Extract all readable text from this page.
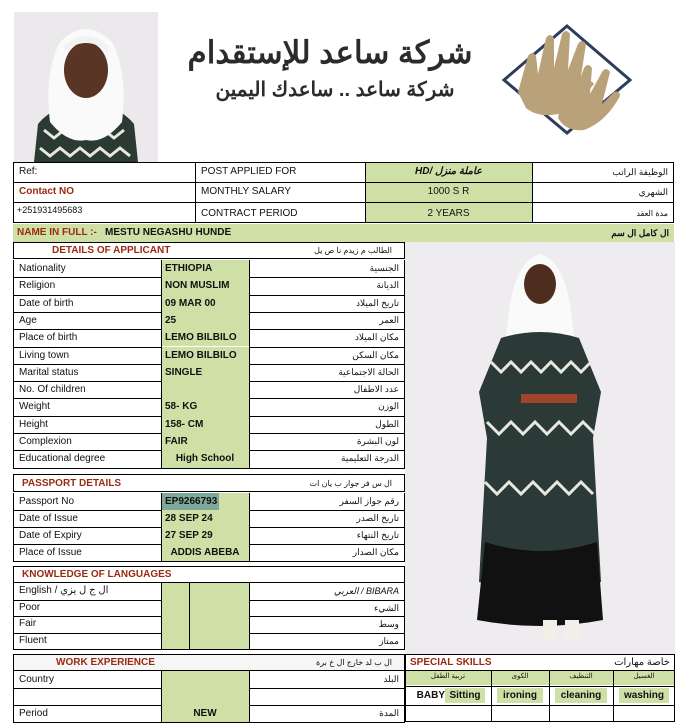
شركة ساعد للإستقدام
شركة ساعد .. ساعدك اليمين
Ref:	POST APPLIED FOR	HD/ عاملة منزل	الوظيفة الراتب
Contact NO	MONTHLY SALARY	1000 S R	الشهري
+251931495683	CONTRACT PERIOD	2 YEARS	مدة العقد
NAME IN FULL :- MESTU NEGASHU HUNDE	ال كامل ال سم
DETAILS OF APPLICANT	الطالب م زيدم نا ص يل
Nationality	ETHIOPIA	الجنسية
Religion	NON MUSLIM	الديانة
Date of birth	09 MAR 00	تاريخ الميلاد
Age	25	العمر
Place of birth	LEMO BILBILO	مكان الميلاد
Living town	LEMO BILBILO	مكان السكن
Marital status	SINGLE	الحالة الاجتماعية
No. Of children	عدد الاطفال
Weight	58- KG	الوزن
Height	158- CM	الطول
Complexion	FAIR	لون البشرة
Educational degree	High School	الدرجة التعليمية
PASSPORT DETAILS	ال س فر جواز ب يان ات
Passport No	EP9266793	رقم جواز السفر
Date of Issue	28 SEP 24	تاريخ الصدر
Date of Expiry	27 SEP 29	تاريخ النتهاء
Place of Issue	ADDIS ABEBA	مكان الصدار
KNOWLEDGE OF LANGUAGES
English / ال ج ل يزي	BIBARA / العربي
Poor	الشيء
Fair	وسط
Fluent	ممتاز
WORK EXPERIENCE	ال ب لد خارج ال خ برة
Country	البلد
Period	NEW	المدة
SPECIAL SKILLS	خاصة مهارات
تربية الطفل	الكوى	التنظيف	الغسيل
BABY Sitting	ironing	cleaning	washing
